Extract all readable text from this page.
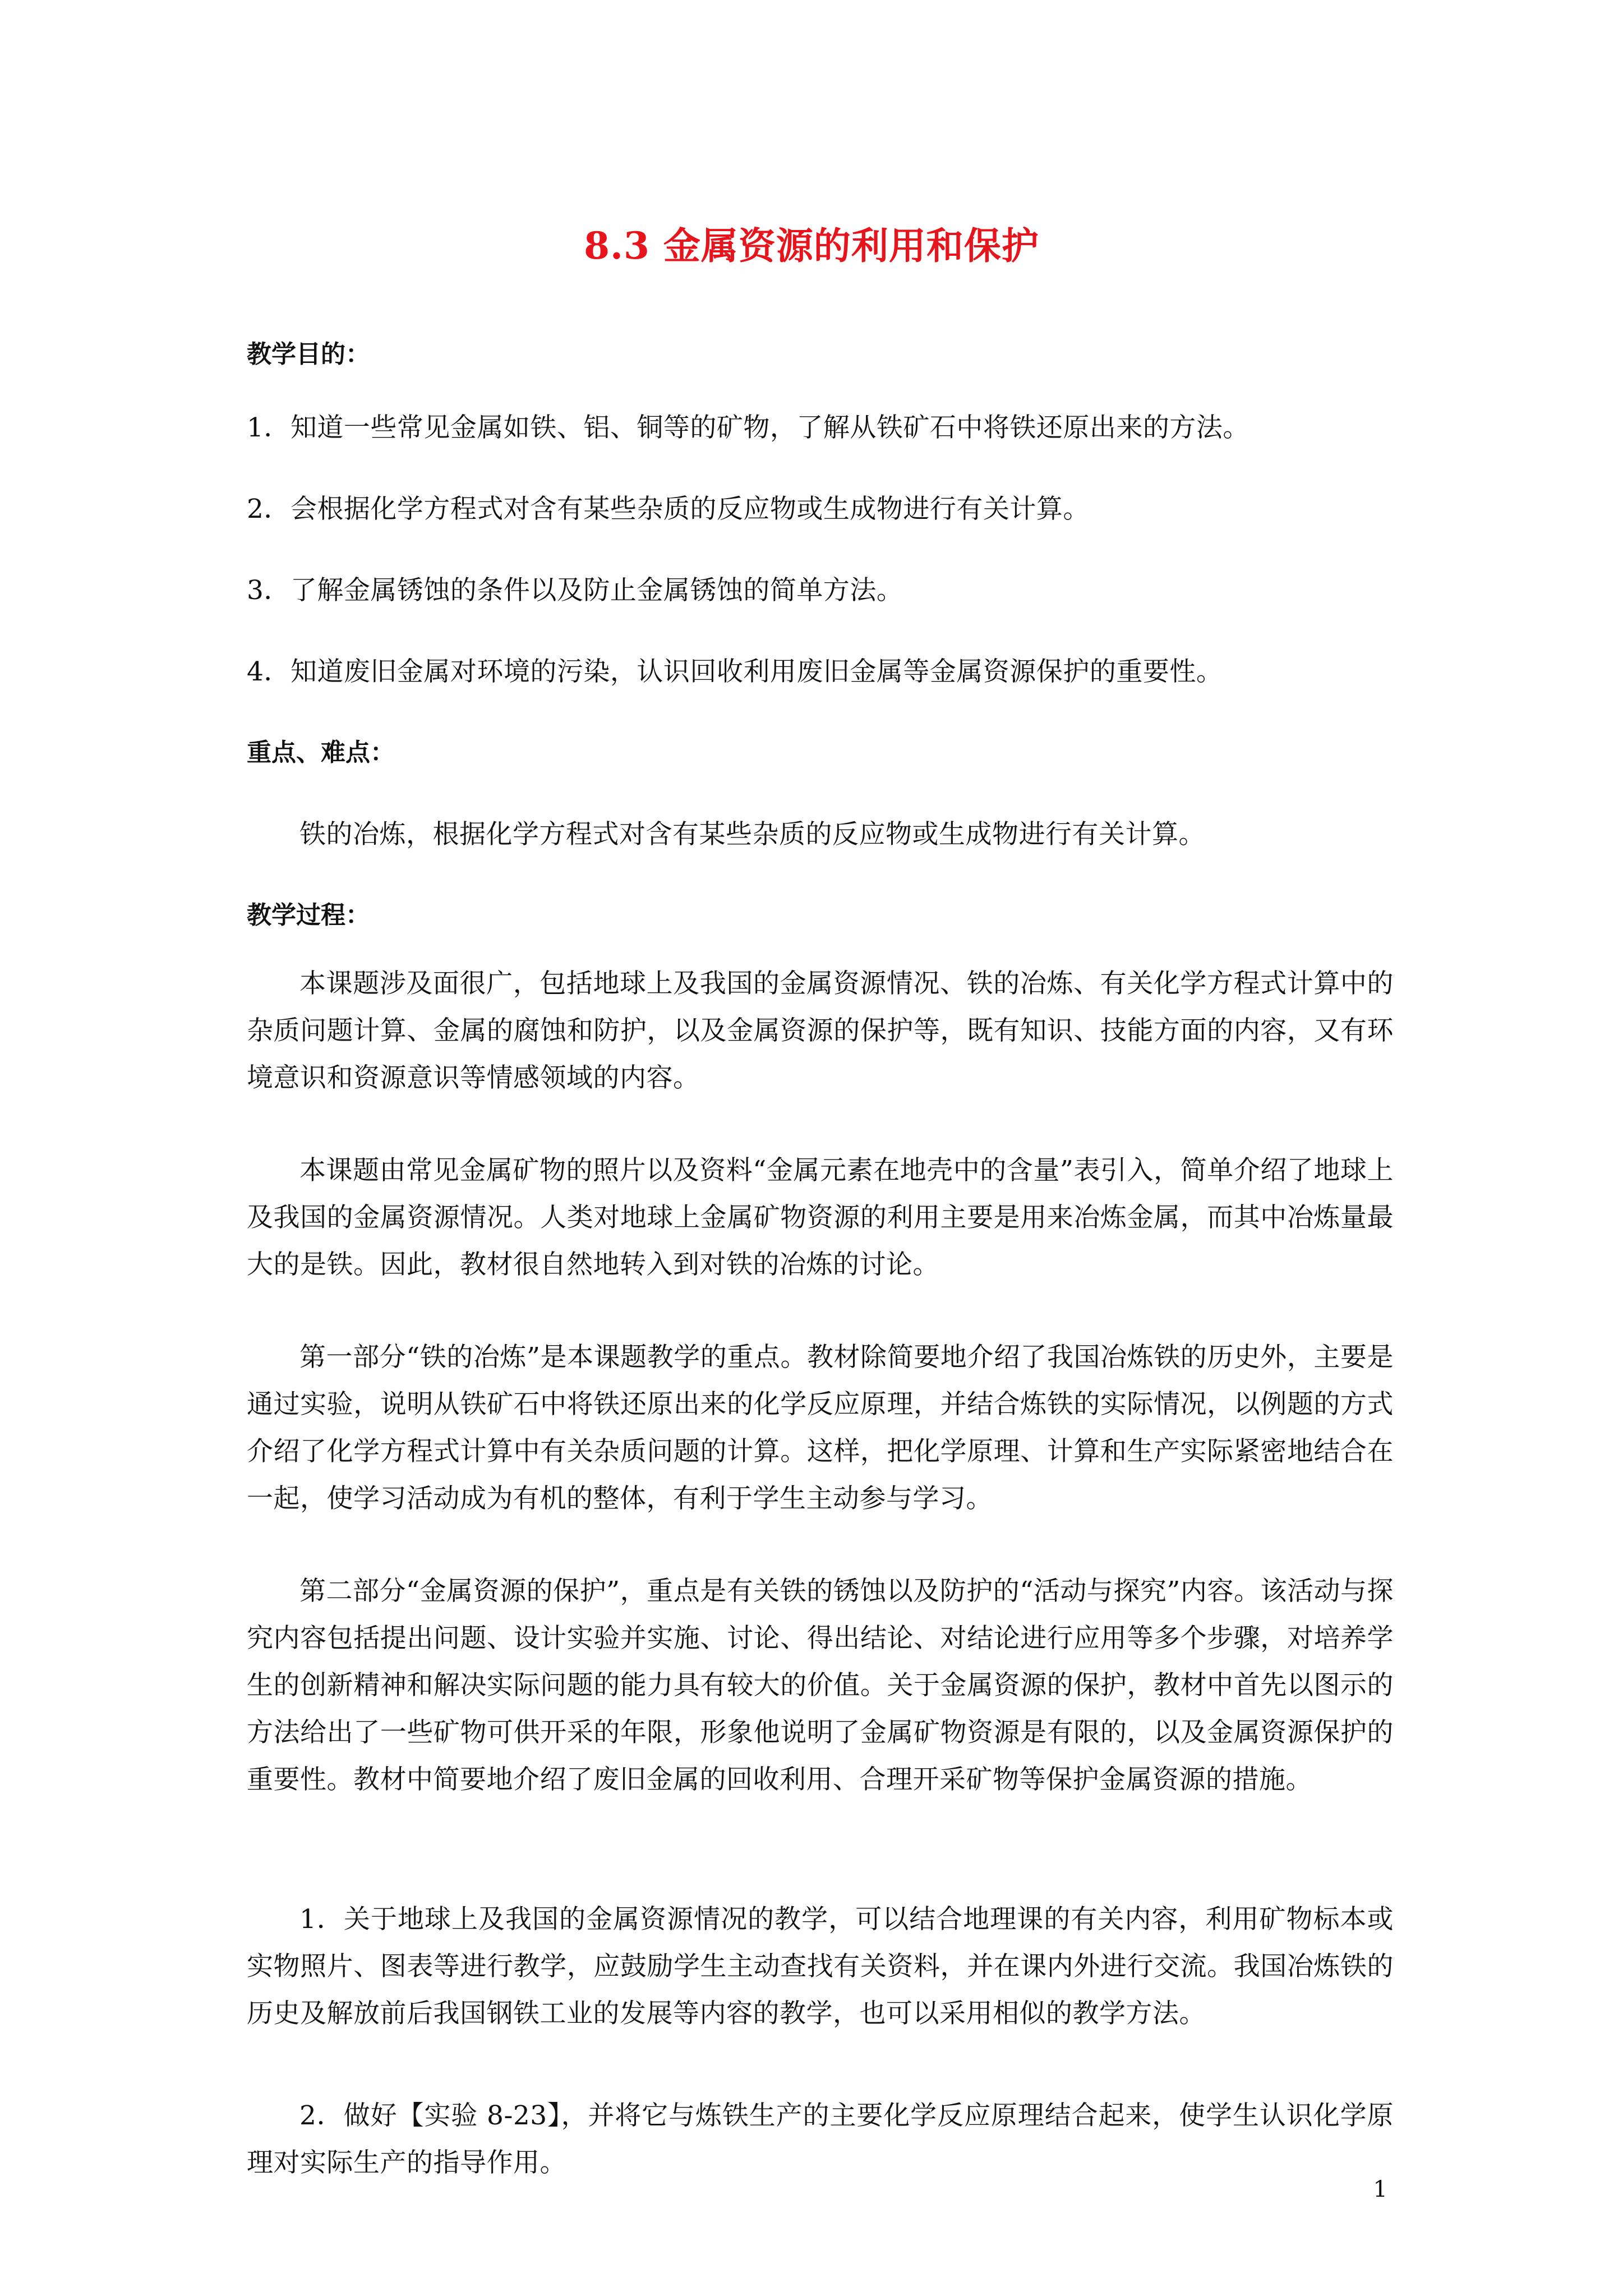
8.3 金属资源的利用和保护
教学目的：

1．知道一些常见金属如铁、铝、铜等的矿物，了解从铁矿石中将铁还原出来的方法。

2．会根据化学方程式对含有某些杂质的反应物或生成物进行有关计算。

3．了解金属锈蚀的条件以及防止金属锈蚀的简单方法。

4．知道废旧金属对环境的污染，认识回收利用废旧金属等金属资源保护的重要性。

重点、难点：

铁的冶炼，根据化学方程式对含有某些杂质的反应物或生成物进行有关计算。

教学过程：

本课题涉及面很广，包括地球上及我国的金属资源情况、铁的冶炼、有关化学方程式计算中的杂质问题计算、金属的腐蚀和防护，以及金属资源的保护等，既有知识、技能方面的内容，又有环境意识和资源意识等情感领域的内容。

本课题由常见金属矿物的照片以及资料“金属元素在地壳中的含量”表引入，简单介绍了地球上及我国的金属资源情况。人类对地球上金属矿物资源的利用主要是用来冶炼金属，而其中冶炼量最大的是铁。因此，教材很自然地转入到对铁的冶炼的讨论。

第一部分“铁的冶炼”是本课题教学的重点。教材除简要地介绍了我国冶炼铁的历史外，主要是通过实验，说明从铁矿石中将铁还原出来的化学反应原理，并结合炼铁的实际情况，以例题的方式介绍了化学方程式计算中有关杂质问题的计算。这样，把化学原理、计算和生产实际紧密地结合在一起，使学习活动成为有机的整体，有利于学生主动参与学习。

第二部分“金属资源的保护”，重点是有关铁的锈蚀以及防护的“活动与探究”内容。该活动与探究内容包括提出问题、设计实验并实施、讨论、得出结论、对结论进行应用等多个步骤，对培养学生的创新精神和解决实际问题的能力具有较大的价值。关于金属资源的保护，教材中首先以图示的方法给出了一些矿物可供开采的年限，形象他说明了金属矿物资源是有限的，以及金属资源保护的重要性。教材中简要地介绍了废旧金属的回收利用、合理开采矿物等保护金属资源的措施。

1．关于地球上及我国的金属资源情况的教学，可以结合地理课的有关内容，利用矿物标本或实物照片、图表等进行教学，应鼓励学生主动查找有关资料，并在课内外进行交流。我国冶炼铁的历史及解放前后我国钢铁工业的发展等内容的教学，也可以采用相似的教学方法。

2．做好【实验 8-23】，并将它与炼铁生产的主要化学反应原理结合起来，使学生认识化学原理对实际生产的指导作用。

1
